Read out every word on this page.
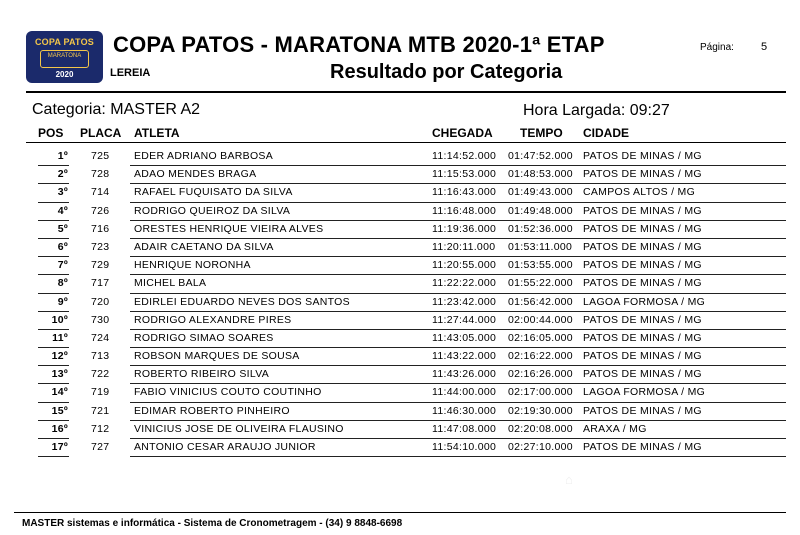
COPA PATOS
MARATONA
2020
COPA PATOS - MARATONA MTB 2020-1ª ETAP	Página: 5
LEREIA	Resultado por Categoria
Categoria: MASTER A2	Hora Largada: 09:27
POS PLACA ATLETA	CHEGADA TEMPO CIDADE
1º 725 EDER ADRIANO BARBOSA	11:14:52.000 01:47:52.000 PATOS DE MINAS / MG
2º 728 ADAO MENDES BRAGA	11:15:53.000 01:48:53.000 PATOS DE MINAS / MG
3º 714 RAFAEL FUQUISATO DA SILVA	11:16:43.000 01:49:43.000 CAMPOS ALTOS / MG
4º 726 RODRIGO QUEIROZ DA SILVA	11:16:48.000 01:49:48.000 PATOS DE MINAS / MG
5º 716 ORESTES HENRIQUE VIEIRA ALVES	11:19:36.000 01:52:36.000 PATOS DE MINAS / MG
6º 723 ADAIR CAETANO DA SILVA	11:20:11.000 01:53:11.000 PATOS DE MINAS / MG
7º 729 HENRIQUE NORONHA	11:20:55.000 01:53:55.000 PATOS DE MINAS / MG
8º 717 MICHEL BALA	11:22:22.000 01:55:22.000 PATOS DE MINAS / MG
9º 720 EDIRLEI EDUARDO NEVES DOS SANTOS	11:23:42.000 01:56:42.000 LAGOA FORMOSA / MG
10º 730 RODRIGO ALEXANDRE PIRES	11:27:44.000 02:00:44.000 PATOS DE MINAS / MG
11º 724 RODRIGO SIMAO SOARES	11:43:05.000 02:16:05.000 PATOS DE MINAS / MG
12º 713 ROBSON MARQUES DE SOUSA	11:43:22.000 02:16:22.000 PATOS DE MINAS / MG
13º 722 ROBERTO RIBEIRO SILVA	11:43:26.000 02:16:26.000 PATOS DE MINAS / MG
14º 719 FABIO VINICIUS COUTO COUTINHO	11:44:00.000 02:17:00.000 LAGOA FORMOSA / MG
15º 721 EDIMAR ROBERTO PINHEIRO	11:46:30.000 02:19:30.000 PATOS DE MINAS / MG
16º 712 VINICIUS JOSE DE OLIVEIRA FLAUSINO	11:47:08.000 02:20:08.000 ARAXA / MG
17º 727 ANTONIO CESAR ARAUJO JUNIOR	11:54:10.000 02:27:10.000 PATOS DE MINAS / MG
⌂
MASTER sistemas e informática - Sistema de Cronometragem - (34) 9 8848-6698
